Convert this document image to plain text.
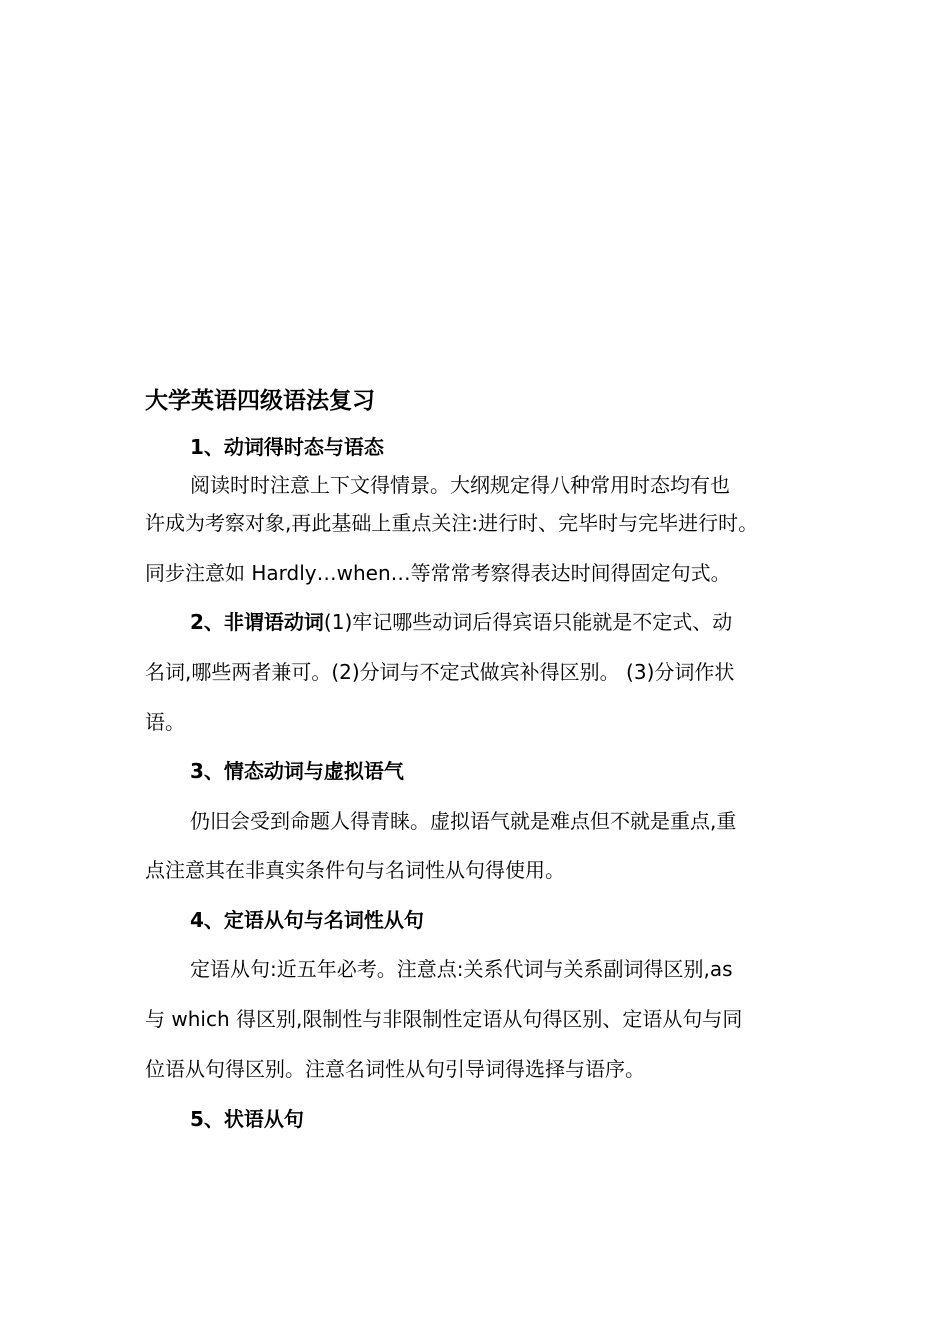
大学英语四级语法复习
1、动词得时态与语态
阅读时时注意上下文得情景。大纲规定得八种常用时态均有也
许成为考察对象,再此基础上重点关注:进行时、完毕时与完毕进行时。
同步注意如 Hardly…when…等常常考察得表达时间得固定句式。
2、非谓语动词(1)牢记哪些动词后得宾语只能就是不定式、动
名词,哪些两者兼可。(2)分词与不定式做宾补得区别。 (3)分词作状
语。
3、情态动词与虚拟语气
仍旧会受到命题人得青睐。虚拟语气就是难点但不就是重点,重
点注意其在非真实条件句与名词性从句得使用。
4、定语从句与名词性从句
定语从句:近五年必考。注意点:关系代词与关系副词得区别,as
与 which 得区别,限制性与非限制性定语从句得区别、定语从句与同
位语从句得区别。注意名词性从句引导词得选择与语序。
5、状语从句
